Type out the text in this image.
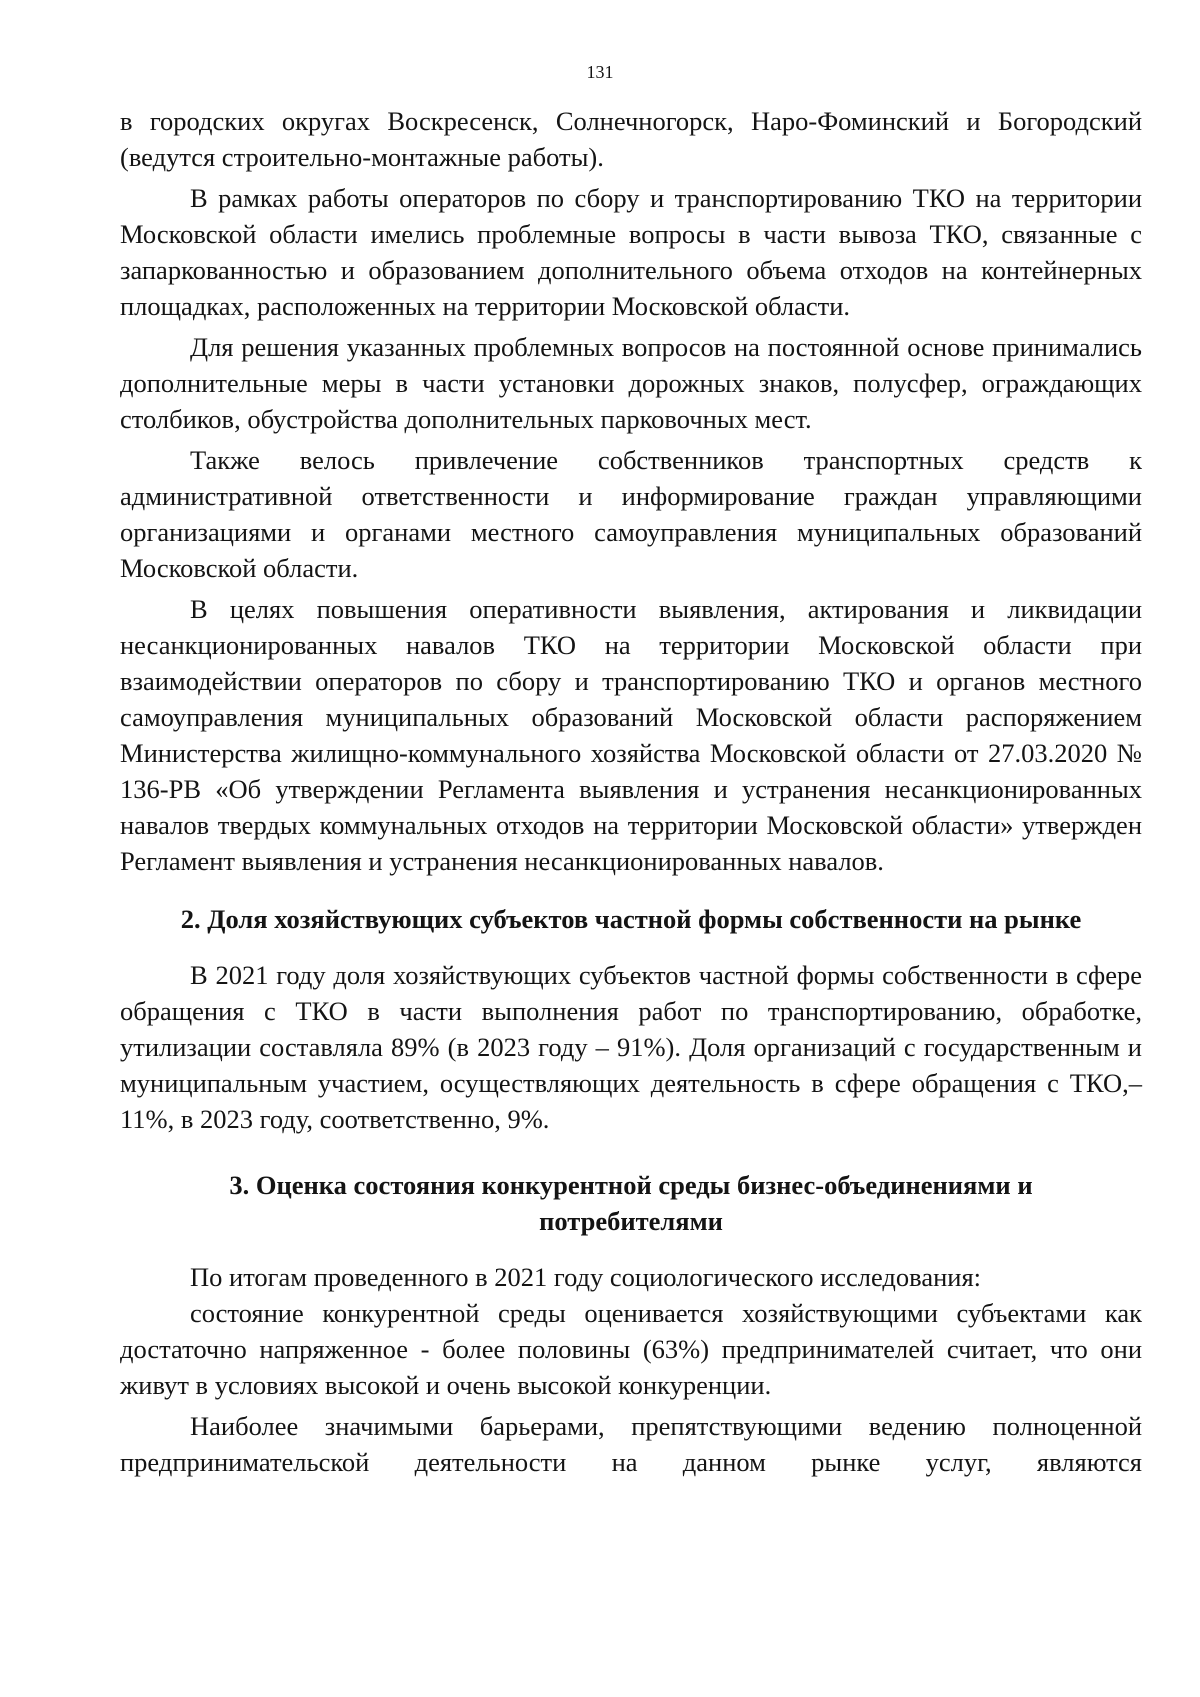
131

в городских округах Воскресенск, Солнечногорск, Наро-Фоминский и Богородский (ведутся строительно-монтажные работы).

В рамках работы операторов по сбору и транспортированию ТКО на территории Московской области имелись проблемные вопросы в части вывоза ТКО, связанные с запаркованностью и образованием дополнительного объема отходов на контейнерных площадках, расположенных на территории Московской области.

Для решения указанных проблемных вопросов на постоянной основе принимались дополнительные меры в части установки дорожных знаков, полусфер, ограждающих столбиков, обустройства дополнительных парковочных мест.

Также велось привлечение собственников транспортных средств к административной ответственности и информирование граждан управляющими организациями и органами местного самоуправления муниципальных образований Московской области.

В целях повышения оперативности выявления, актирования и ликвидации несанкционированных навалов ТКО на территории Московской области при взаимодействии операторов по сбору и транспортированию ТКО и органов местного самоуправления муниципальных образований Московской области распоряжением Министерства жилищно-коммунального хозяйства Московской области от 27.03.2020 № 136-РВ «Об утверждении Регламента выявления и устранения несанкционированных навалов твердых коммунальных отходов на территории Московской области» утвержден Регламент выявления и устранения несанкционированных навалов.

2. Доля хозяйствующих субъектов частной формы собственности на рынке

В 2021 году доля хозяйствующих субъектов частной формы собственности в сфере обращения с ТКО в части выполнения работ по транспортированию, обработке, утилизации составляла 89% (в 2023 году – 91%). Доля организаций с государственным и муниципальным участием, осуществляющих деятельность в сфере обращения с ТКО,– 11%, в 2023 году, соответственно, 9%.

3. Оценка состояния конкурентной среды бизнес-объединениями и потребителями

По итогам проведенного в 2021 году социологического исследования:

состояние конкурентной среды оценивается хозяйствующими субъектами как достаточно напряженное - более половины (63%) предпринимателей считает, что они живут в условиях высокой и очень высокой конкуренции.

Наиболее значимыми барьерами, препятствующими ведению полноценной предпринимательской деятельности на данном рынке услуг, являются
